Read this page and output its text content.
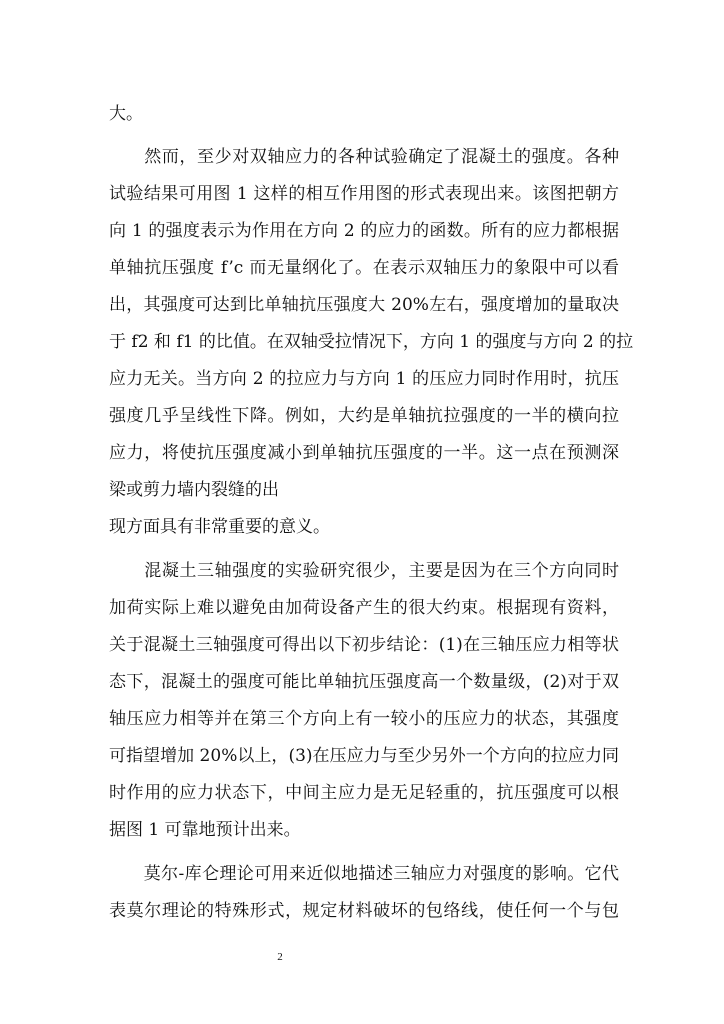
大。
　　然而，至少对双轴应力的各种试验确定了混凝土的强度。各种
试验结果可用图 1 这样的相互作用图的形式表现出来。该图把朝方
向 1 的强度表示为作用在方向 2 的应力的函数。所有的应力都根据
单轴抗压强度 f’c 而无量纲化了。在表示双轴压力的象限中可以看
出，其强度可达到比单轴抗压强度大 20%左右，强度增加的量取决
于 f2 和 f1 的比值。在双轴受拉情况下，方向 1 的强度与方向 2 的拉
应力无关。当方向 2 的拉应力与方向 1 的压应力同时作用时，抗压
强度几乎呈线性下降。例如，大约是单轴抗拉强度的一半的横向拉
应力，将使抗压强度减小到单轴抗压强度的一半。这一点在预测深
梁或剪力墙内裂缝的出
现方面具有非常重要的意义。
　　混凝土三轴强度的实验研究很少，主要是因为在三个方向同时
加荷实际上难以避免由加荷设备产生的很大约束。根据现有资料，
关于混凝土三轴强度可得出以下初步结论：(1)在三轴压应力相等状
态下，混凝土的强度可能比单轴抗压强度高一个数量级，(2)对于双
轴压应力相等并在第三个方向上有一较小的压应力的状态，其强度
可指望增加 20%以上，(3)在压应力与至少另外一个方向的拉应力同
时作用的应力状态下，中间主应力是无足轻重的，抗压强度可以根
据图 1 可靠地预计出来。
　　莫尔-库仑理论可用来近似地描述三轴应力对强度的影响。它代
表莫尔理论的特殊形式，规定材料破坏的包络线，使任何一个与包
2
